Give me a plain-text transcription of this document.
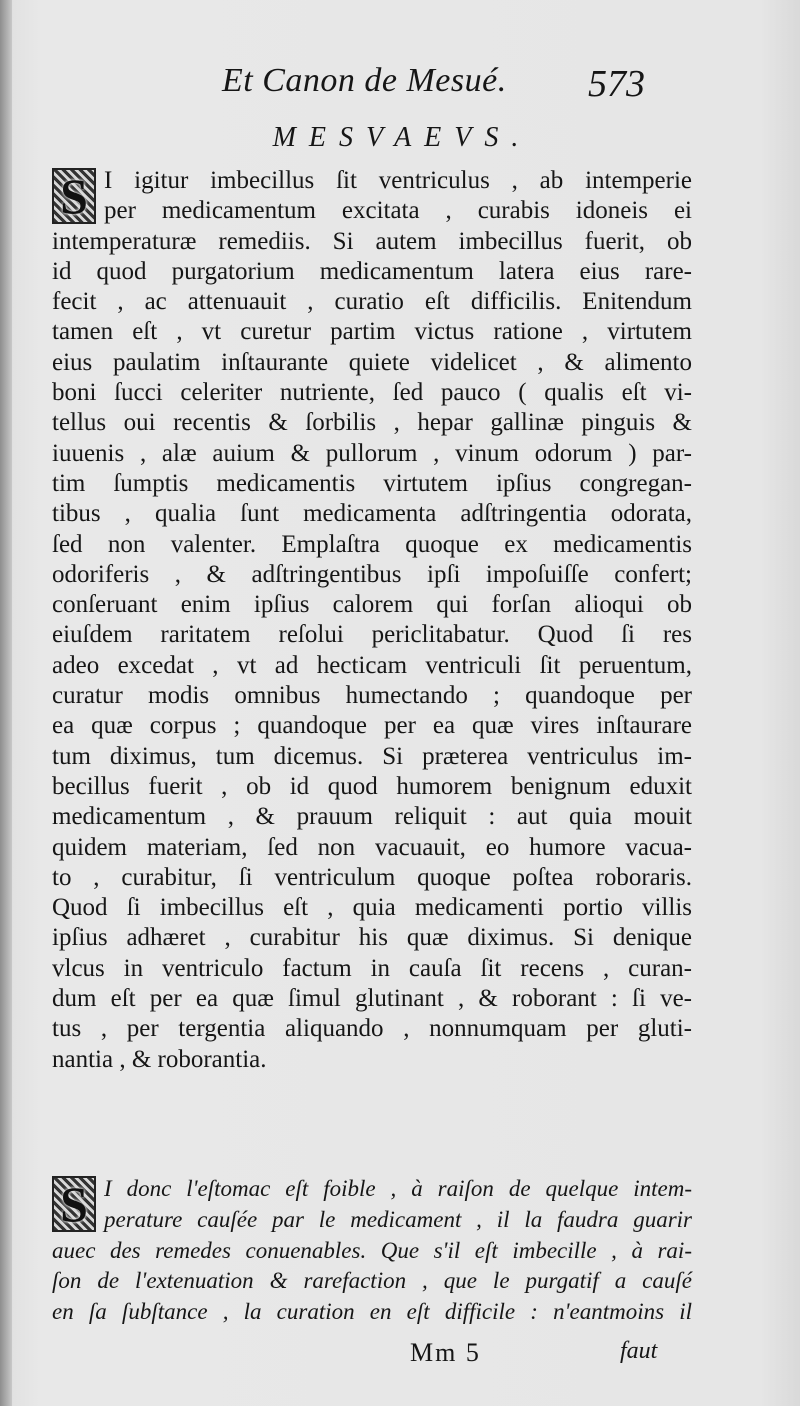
Et Canon de Mesué. 573
MESVAEVS.
S I igitur imbecillus ſit ventriculus , ab intemperie
per medicamentum excitata , curabis idoneis ei
intemperaturæ remediis. Si autem imbecillus fuerit, ob
id quod purgatorium medicamentum latera eius rare-
fecit , ac attenuauit , curatio eſt difficilis. Enitendum
tamen eſt , vt curetur partim victus ratione , virtutem
eius paulatim inſtaurante quiete videlicet , & alimento
boni ſucci celeriter nutriente, ſed pauco ( qualis eſt vi-
tellus oui recentis & ſorbilis , hepar gallinæ pinguis &
iuuenis , alæ auium & pullorum , vinum odorum ) par-
tim ſumptis medicamentis virtutem ipſius congregan-
tibus , qualia ſunt medicamenta adſtringentia odorata,
ſed non valenter. Emplaſtra quoque ex medicamentis
odoriferis , & adſtringentibus ipſi impoſuiſſe confert;
conſeruant enim ipſius calorem qui forſan alioqui ob
eiuſdem raritatem reſolui periclitabatur. Quod ſi res
adeo excedat , vt ad hecticam ventriculi ſit peruentum,
curatur modis omnibus humectando ; quandoque per
ea quæ corpus ; quandoque per ea quæ vires inſtaurare
tum diximus, tum dicemus. Si præterea ventriculus im-
becillus fuerit , ob id quod humorem benignum eduxit
medicamentum , & prauum reliquit : aut quia mouit
quidem materiam, ſed non vacuauit, eo humore vacua-
to , curabitur, ſi ventriculum quoque poſtea roboraris.
Quod ſi imbecillus eſt , quia medicamenti portio villis
ipſius adhæret , curabitur his quæ diximus. Si denique
vlcus in ventriculo factum in cauſa ſit recens , curan-
dum eſt per ea quæ ſimul glutinant , & roborant : ſi ve-
tus , per tergentia aliquando , nonnumquam per gluti-
nantia , & roborantia.
S I donc l'eſtomac eſt foible , à raiſon de quelque intem-
perature cauſée par le medicament , il la faudra guarir
auec des remedes conuenables. Que s'il eſt imbecille , à rai-
ſon de l'extenuation & rarefaction , que le purgatif a cauſé
en ſa ſubſtance , la curation en eſt difficile : n'eantmoins il
Mm 5	faut
